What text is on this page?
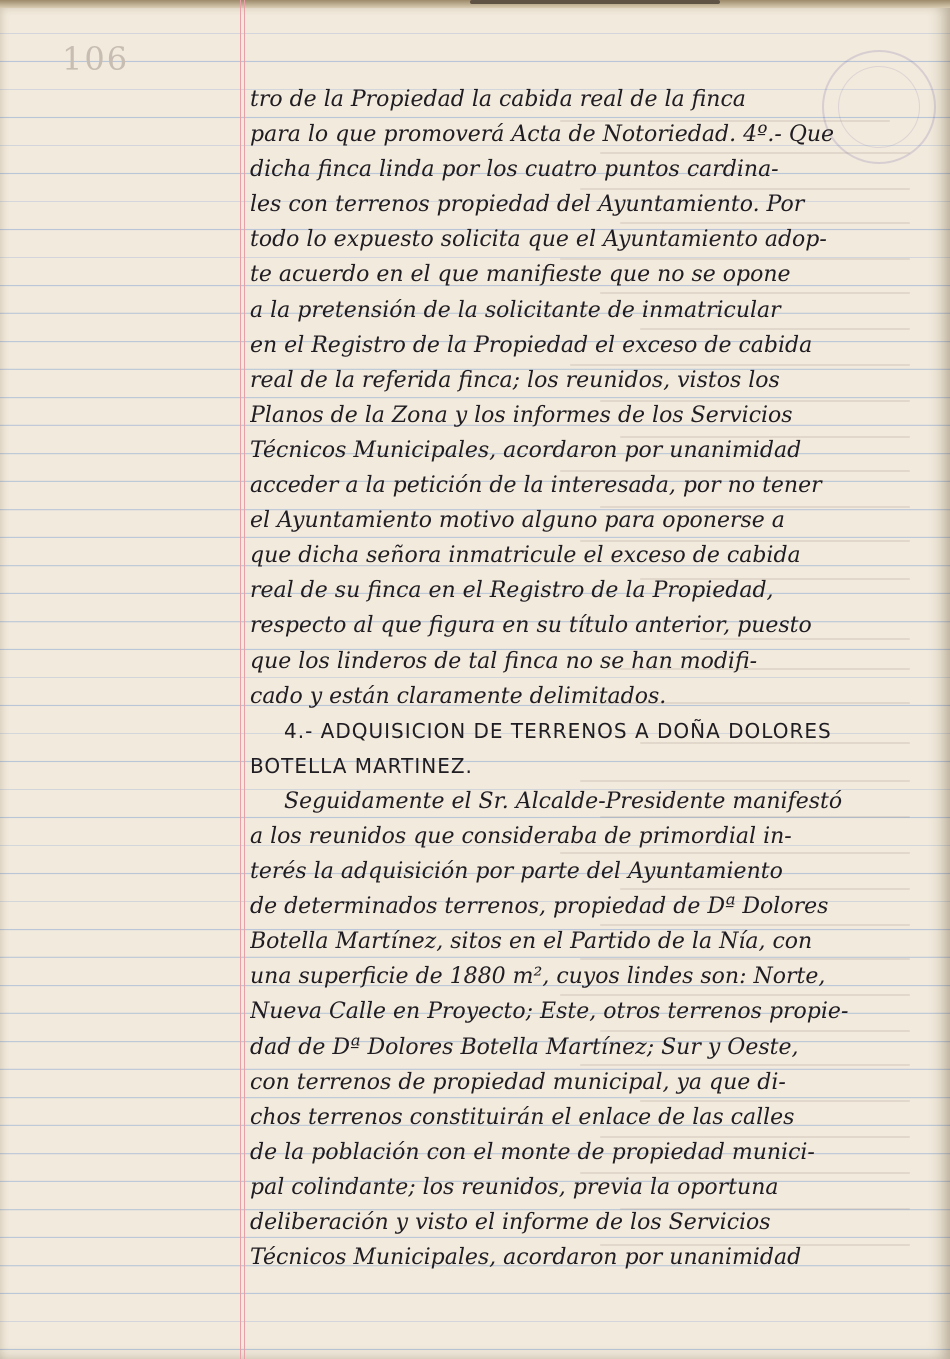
106
tro de la Propiedad la cabida real de la finca
para lo que promoverá Acta de Notoriedad. 4º.- Que
dicha finca linda por los cuatro puntos cardina-
les con terrenos propiedad del Ayuntamiento. Por
todo lo expuesto solicita que el Ayuntamiento adop-
te acuerdo en el que manifieste que no se opone
a la pretensión de la solicitante de inmatricular
en el Registro de la Propiedad el exceso de cabida
real de la referida finca; los reunidos, vistos los
Planos de la Zona y los informes de los Servicios
Técnicos Municipales, acordaron por unanimidad
acceder a la petición de la interesada, por no tener
el Ayuntamiento motivo alguno para oponerse a
que dicha señora inmatricule el exceso de cabida
real de su finca en el Registro de la Propiedad,
respecto al que figura en su título anterior, puesto
que los linderos de tal finca no se han modifi-
cado y están claramente delimitados.
4.- ADQUISICION DE TERRENOS A DOÑA DOLORES
BOTELLA MARTINEZ.
Seguidamente el Sr. Alcalde-Presidente manifestó
a los reunidos que consideraba de primordial in-
terés la adquisición por parte del Ayuntamiento
de determinados terrenos, propiedad de Dª Dolores
Botella Martínez, sitos en el Partido de la Nía, con
una superficie de 1880 m², cuyos lindes son: Norte,
Nueva Calle en Proyecto; Este, otros terrenos propie-
dad de Dª Dolores Botella Martínez; Sur y Oeste,
con terrenos de propiedad municipal, ya que di-
chos terrenos constituirán el enlace de las calles
de la población con el monte de propiedad munici-
pal colindante; los reunidos, previa la oportuna
deliberación y visto el informe de los Servicios
Técnicos Municipales, acordaron por unanimidad
